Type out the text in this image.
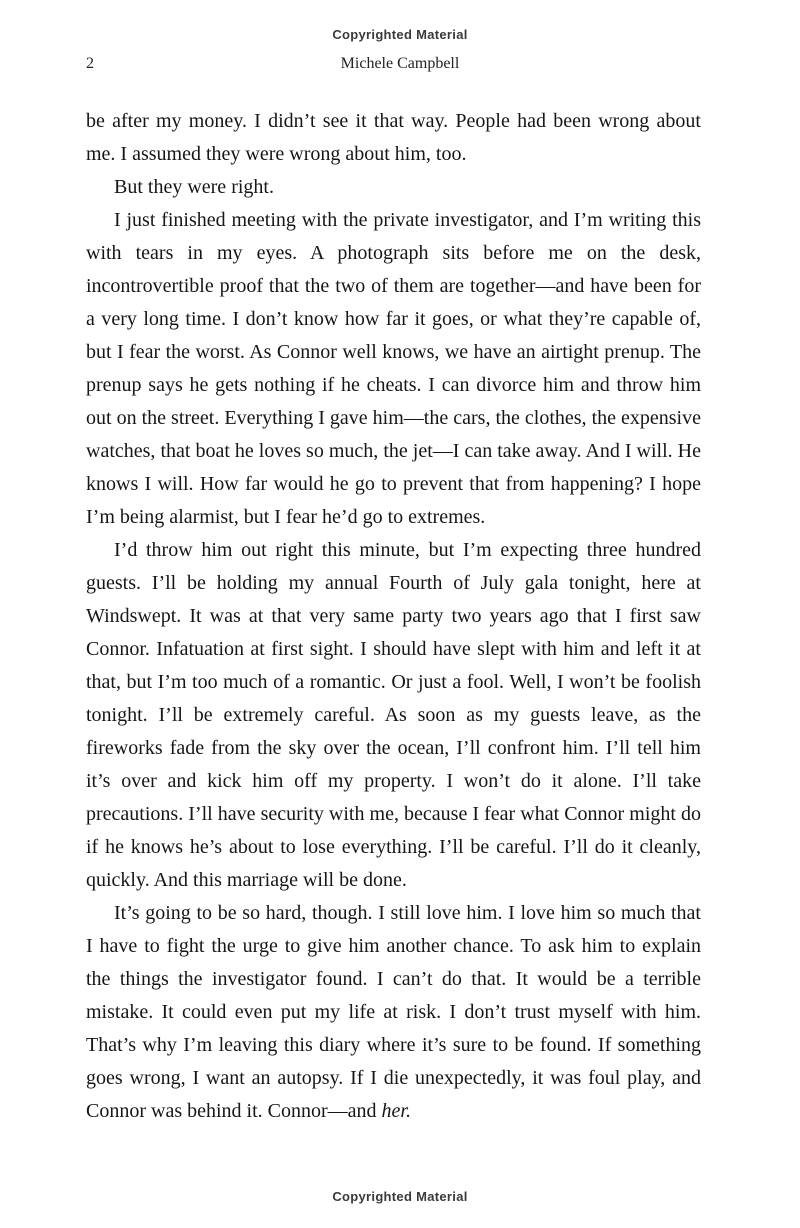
Copyrighted Material
2	Michele Campbell

be after my money. I didn’t see it that way. People had been wrong about me. I assumed they were wrong about him, too.

But they were right.

I just finished meeting with the private investigator, and I’m writing this with tears in my eyes. A photograph sits before me on the desk, incontrovertible proof that the two of them are together—and have been for a very long time. I don’t know how far it goes, or what they’re capable of, but I fear the worst. As Connor well knows, we have an airtight prenup. The prenup says he gets nothing if he cheats. I can divorce him and throw him out on the street. Everything I gave him—the cars, the clothes, the expensive watches, that boat he loves so much, the jet—I can take away. And I will. He knows I will. How far would he go to prevent that from happening? I hope I’m being alarmist, but I fear he’d go to extremes.

I’d throw him out right this minute, but I’m expecting three hundred guests. I’ll be holding my annual Fourth of July gala tonight, here at Windswept. It was at that very same party two years ago that I first saw Connor. Infatuation at first sight. I should have slept with him and left it at that, but I’m too much of a romantic. Or just a fool. Well, I won’t be foolish tonight. I’ll be extremely careful. As soon as my guests leave, as the fireworks fade from the sky over the ocean, I’ll confront him. I’ll tell him it’s over and kick him off my property. I won’t do it alone. I’ll take precautions. I’ll have security with me, because I fear what Connor might do if he knows he’s about to lose everything. I’ll be careful. I’ll do it cleanly, quickly. And this marriage will be done.

It’s going to be so hard, though. I still love him. I love him so much that I have to fight the urge to give him another chance. To ask him to explain the things the investigator found. I can’t do that. It would be a terrible mistake. It could even put my life at risk. I don’t trust myself with him. That’s why I’m leaving this diary where it’s sure to be found. If something goes wrong, I want an autopsy. If I die unexpectedly, it was foul play, and Connor was behind it. Connor—and her.

Copyrighted Material
